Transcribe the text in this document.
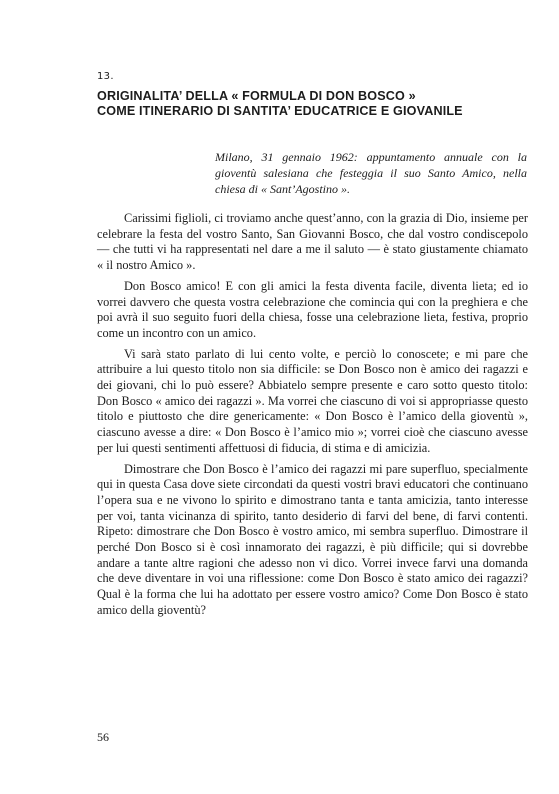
13.
ORIGINALITA’ DELLA « FORMULA DI DON BOSCO »
COME ITINERARIO DI SANTITA’ EDUCATRICE E GIOVANILE
Milano, 31 gennaio 1962: appuntamento annuale con la gioventù salesiana che festeggia il suo Santo Amico, nella chiesa di « Sant’Agostino ».

Carissimi figlioli, ci troviamo anche quest’anno, con la grazia di Dio, insieme per celebrare la festa del vostro Santo, San Giovanni Bosco, che dal vostro condiscepolo — che tutti vi ha rappresentati nel dare a me il saluto — è stato giustamente chiamato « il nostro Amico ».

Don Bosco amico! E con gli amici la festa diventa facile, diventa lieta; ed io vorrei davvero che questa vostra celebrazione che comincia qui con la preghiera e che poi avrà il suo seguito fuori della chiesa, fosse una celebrazione lieta, festiva, proprio come un incontro con un amico.

Vi sarà stato parlato di lui cento volte, e perciò lo conoscete; e mi pare che attribuire a lui questo titolo non sia difficile: se Don Bosco non è amico dei ragazzi e dei giovani, chi lo può essere? Abbiatelo sempre presente e caro sotto questo titolo: Don Bosco « amico dei ragazzi ». Ma vorrei che ciascuno di voi si appropriasse questo titolo e piuttosto che dire genericamente: « Don Bosco è l’amico della gioventù », ciascuno avesse a dire: « Don Bosco è l’amico mio »; vorrei cioè che ciascuno avesse per lui questi sentimenti affettuosi di fiducia, di stima e di amicizia.

Dimostrare che Don Bosco è l’amico dei ragazzi mi pare superfluo, specialmente qui in questa Casa dove siete circondati da questi vostri bravi educatori che continuano l’opera sua e ne vivono lo spirito e dimostrano tanta e tanta amicizia, tanto interesse per voi, tanta vicinanza di spirito, tanto desiderio di farvi del bene, di farvi contenti. Ripeto: dimostrare che Don Bosco è vostro amico, mi sembra superfluo. Dimostrare il perché Don Bosco si è così innamorato dei ragazzi, è più difficile; qui si dovrebbe andare a tante altre ragioni che adesso non vi dico. Vorrei invece farvi una domanda che deve diventare in voi una riflessione: come Don Bosco è stato amico dei ragazzi? Qual è la forma che lui ha adottato per essere vostro amico? Come Don Bosco è stato amico della gioventù?

56
